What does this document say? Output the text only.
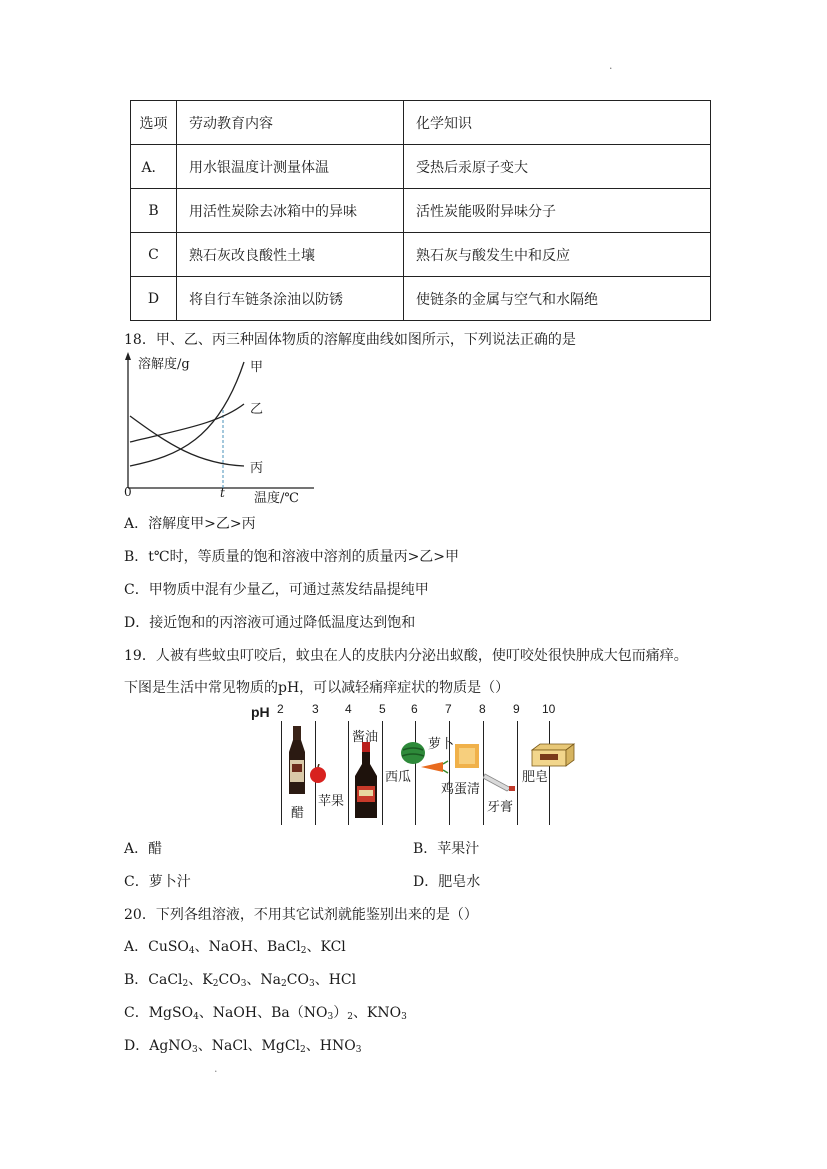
·
选项	劳动教育内容	化学知识
A．	用水银温度计测量体温	受热后汞原子变大
B	用活性炭除去冰箱中的异味	活性炭能吸附异味分子
C	熟石灰改良酸性土壤	熟石灰与酸发生中和反应
D	将自行车链条涂油以防锈	使链条的金属与空气和水隔绝
18．甲、乙、丙三种固体物质的溶解度曲线如图所示，下列说法正确的是
溶解度/g	甲
乙
丙
0	t 温度/℃
A．溶解度甲>乙>丙
B．t℃时，等质量的饱和溶液中溶剂的质量丙>乙>甲
C．甲物质中混有少量乙，可通过蒸发结晶提纯甲
D．接近饱和的丙溶液可通过降低温度达到饱和
19．人被有些蚊虫叮咬后，蚊虫在人的皮肤内分泌出蚁酸，使叮咬处很快肿成大包而痛痒。
下图是生活中常见物质的pH，可以减轻痛痒症状的物质是（）
pH 2 3 4 5 6 7 8 9 10
醋
苹果
酱油
西瓜
萝卜
鸡蛋清
牙膏
肥皂
A．醋	B．苹果汁
C．萝卜汁	D．肥皂水
20．下列各组溶液，不用其它试剂就能鉴别出来的是（）
A．CuSO$_4$、NaOH、BaCl$_2$、KCl
B．CaCl$_2$、$K_2CO_3$、$Na_2CO_3$、HCl
C．MgSO$_4$、NaOH、$Ba(NO_3)_2$、$KNO_3$
D．AgNO$_3$、NaCl、MgCl$_2$、$HNO_3$
.
